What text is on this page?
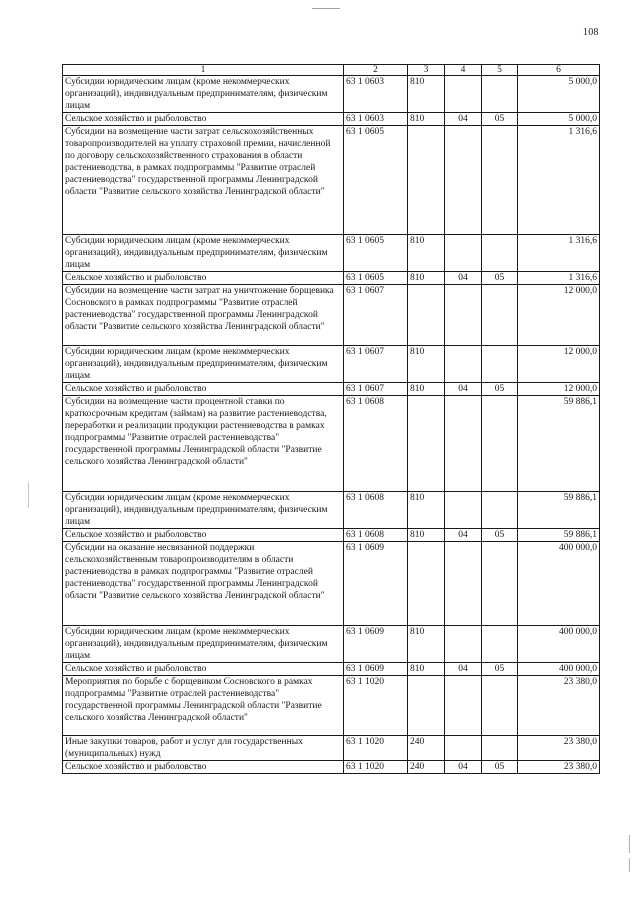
108
1	2	3	4	5	6
Субсидии юридическим лицам (кроме некоммерческих организаций), индивидуальным предпринимателям, физическим лицам	63 1 0603	810			5 000,0
Сельское хозяйство и рыболовство	63 1 0603	810	04	05	5 000,0
Субсидии на возмещение части затрат сельскохозяйственных товаропроизводителей на уплату страховой премии, начисленной по договору сельскохозяйственного страхования в области растениеводства, в рамках подпрограммы "Развитие отраслей растениеводства" государственной программы Ленинградской области "Развитие сельского хозяйства Ленинградской области"	63 1 0605				1 316,6
Субсидии юридическим лицам (кроме некоммерческих организаций), индивидуальным предпринимателям, физическим лицам	63 1 0605	810			1 316,6
Сельское хозяйство и рыболовство	63 1 0605	810	04	05	1 316,6
Субсидии на возмещение части затрат на уничтожение борщевика Сосновского в рамках подпрограммы "Развитие отраслей растениеводства" государственной программы Ленинградской области "Развитие сельского хозяйства Ленинградской области"	63 1 0607				12 000,0
Субсидии юридическим лицам (кроме некоммерческих организаций), индивидуальным предпринимателям, физическим лицам	63 1 0607	810			12 000,0
Сельское хозяйство и рыболовство	63 1 0607	810	04	05	12 000,0
Субсидии на возмещение части процентной ставки по краткосрочным кредитам (займам) на развитие растениеводства, переработки и реализации продукции растениеводства в рамках подпрограммы "Развитие отраслей растениеводства" государственной программы Ленинградской области "Развитие сельского хозяйства Ленинградской области"	63 1 0608				59 886,1
Субсидии юридическим лицам (кроме некоммерческих организаций), индивидуальным предпринимателям, физическим лицам	63 1 0608	810			59 886,1
Сельское хозяйство и рыболовство	63 1 0608	810	04	05	59 886,1
Субсидии на оказание несвязанной поддержки сельскохозяйственным товаропроизводителям в области растениеводства в рамках подпрограммы "Развитие отраслей растениеводства" государственной программы Ленинградской области "Развитие сельского хозяйства Ленинградской области"	63 1 0609				400 000,0
Субсидии юридическим лицам (кроме некоммерческих организаций), индивидуальным предпринимателям, физическим лицам	63 1 0609	810			400 000,0
Сельское хозяйство и рыболовство	63 1 0609	810	04	05	400 000,0
Мероприятия по борьбе с борщевиком Сосновского в рамках подпрограммы "Развитие отраслей растениеводства" государственной программы Ленинградской области "Развитие сельского хозяйства Ленинградской области"	63 1 1020				23 380,0
Иные закупки товаров, работ и услуг для государственных (муниципальных) нужд	63 1 1020	240			23 380,0
Сельское хозяйство и рыболовство	63 1 1020	240	04	05	23 380,0
